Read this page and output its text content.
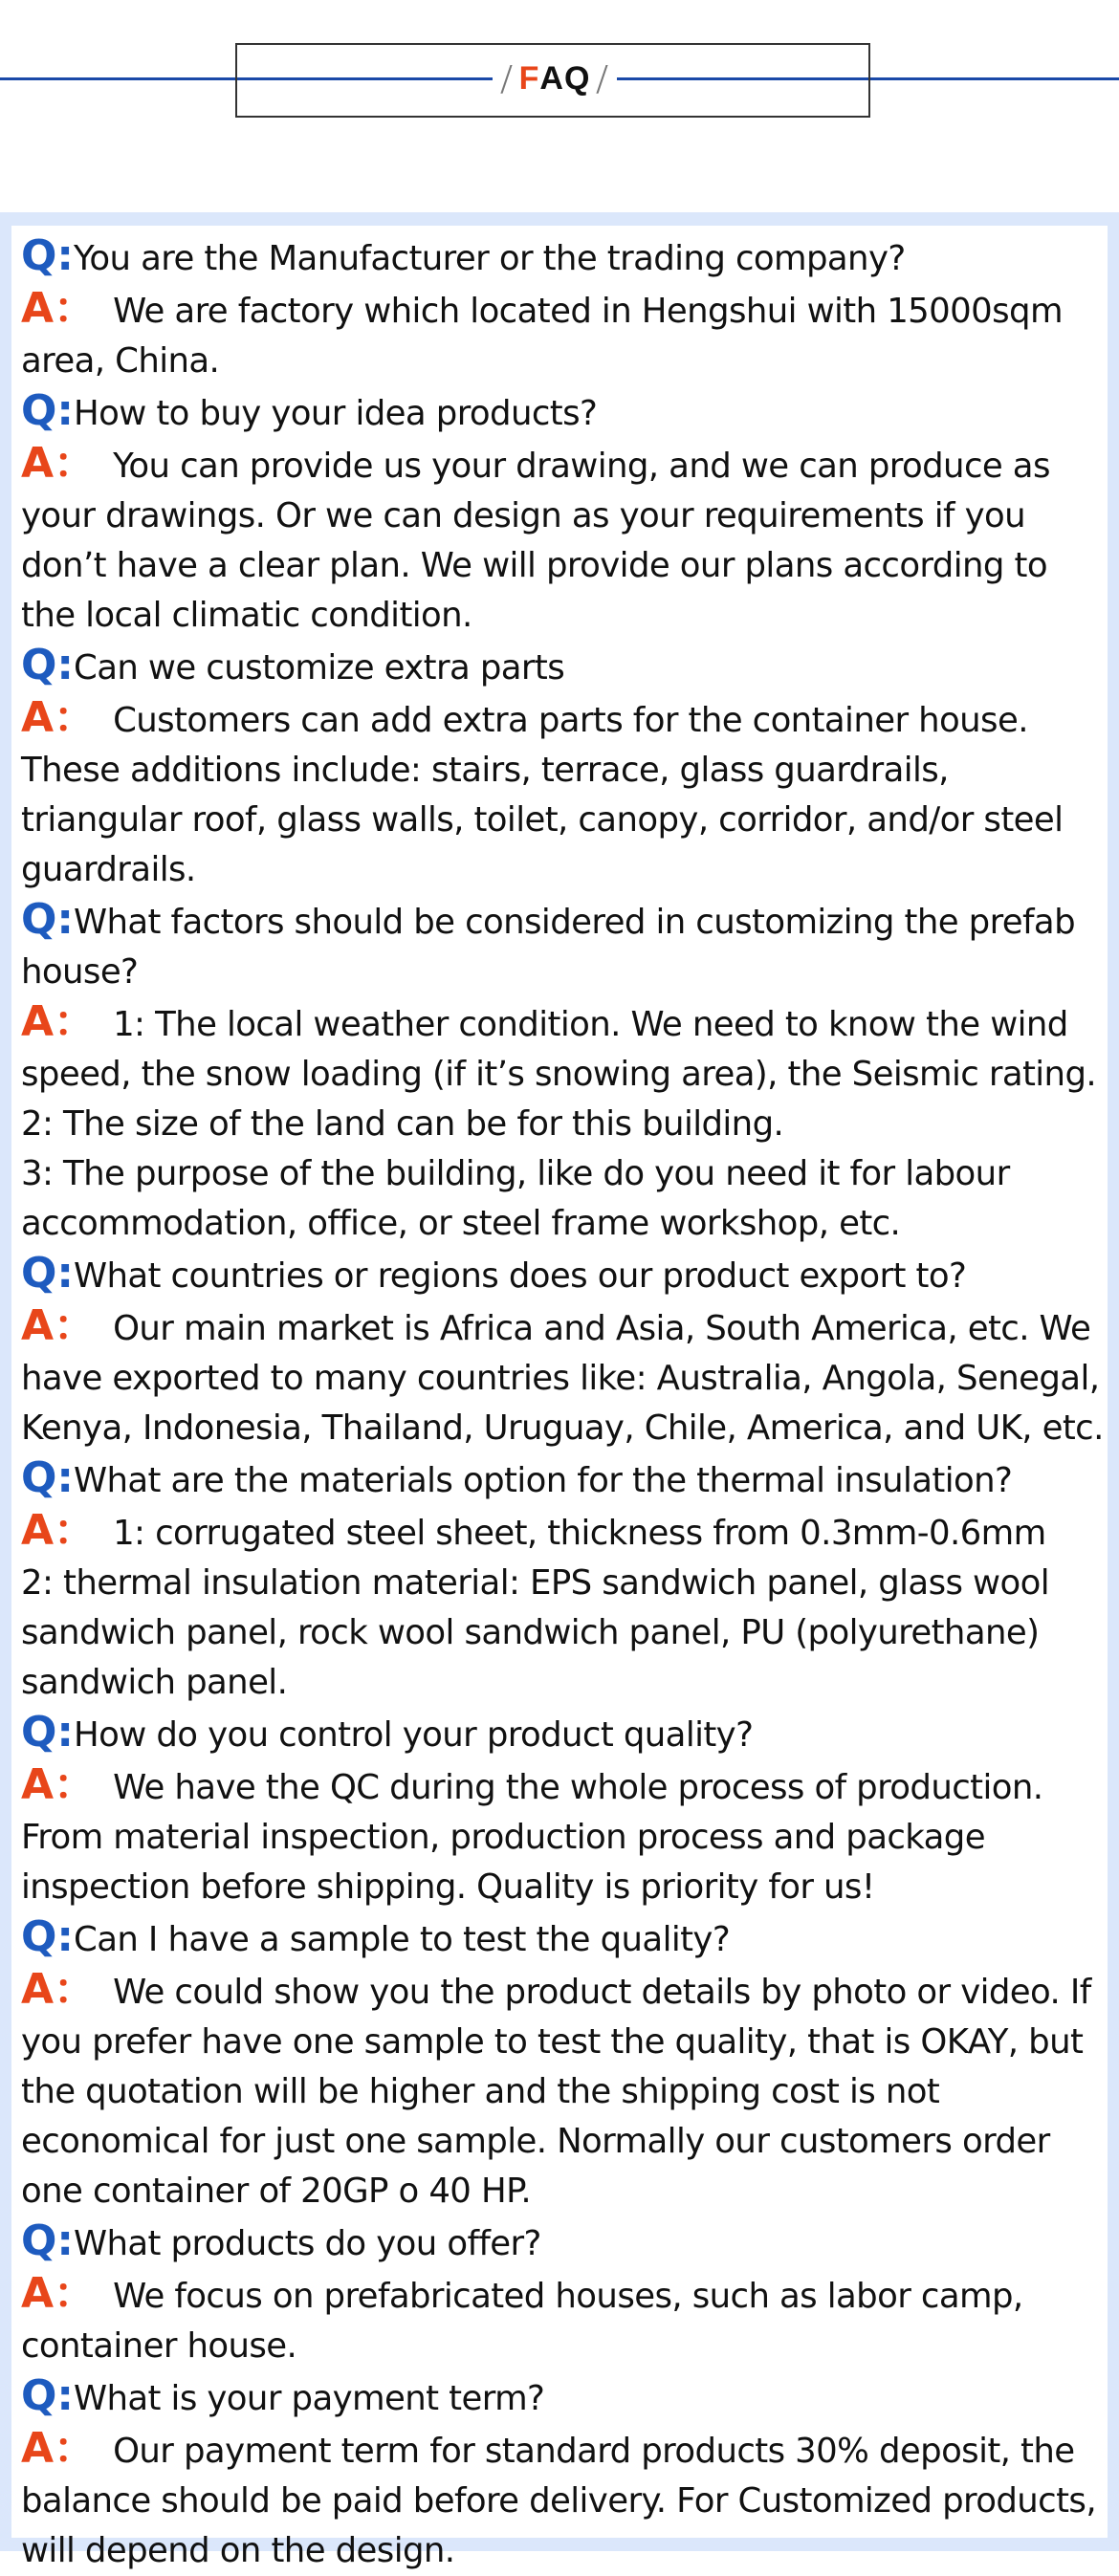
/ F AQ /

Q:You are the Manufacturer or the trading company?

A： We are factory which located in Hengshui with 15000sqm area, China.

Q:How to buy your idea products?

A： You can provide us your drawing, and we can produce as your drawings. Or we can design as your requirements if you don’t have a clear plan. We will provide our plans according to the local climatic condition.

Q:Can we customize extra parts

A： Customers can add extra parts for the container house. These additions include: stairs, terrace, glass guardrails, triangular roof, glass walls, toilet, canopy, corridor, and/or steel guardrails.

Q:What factors should be considered in customizing the prefab house?

A： 1: The local weather condition. We need to know the wind speed, the snow loading (if it’s snowing area), the Seismic rating.
2: The size of the land can be for this building.
3: The purpose of the building, like do you need it for labour accommodation, office, or steel frame workshop, etc.

Q:What countries or regions does our product export to?

A： Our main market is Africa and Asia, South America, etc. We have exported to many countries like: Australia, Angola, Senegal, Kenya, Indonesia, Thailand, Uruguay, Chile, America, and UK, etc.

Q:What are the materials option for the thermal insulation?

A： 1: corrugated steel sheet, thickness from 0.3mm-0.6mm
2: thermal insulation material: EPS sandwich panel, glass wool sandwich panel, rock wool sandwich panel, PU (polyurethane) sandwich panel.

Q:How do you control your product quality?

A： We have the QC during the whole process of production. From material inspection, production process and package inspection before shipping. Quality is priority for us!

Q:Can I have a sample to test the quality?

A： We could show you the product details by photo or video. If you prefer have one sample to test the quality, that is OKAY, but the quotation will be higher and the shipping cost is not economical for just one sample. Normally our customers order one container of 20GP o 40 HP.

Q:What products do you offer?

A： We focus on prefabricated houses, such as labor camp, container house.

Q:What is your payment term?

A： Our payment term for standard products 30% deposit, the balance should be paid before delivery. For Customized products, will depend on the design.
